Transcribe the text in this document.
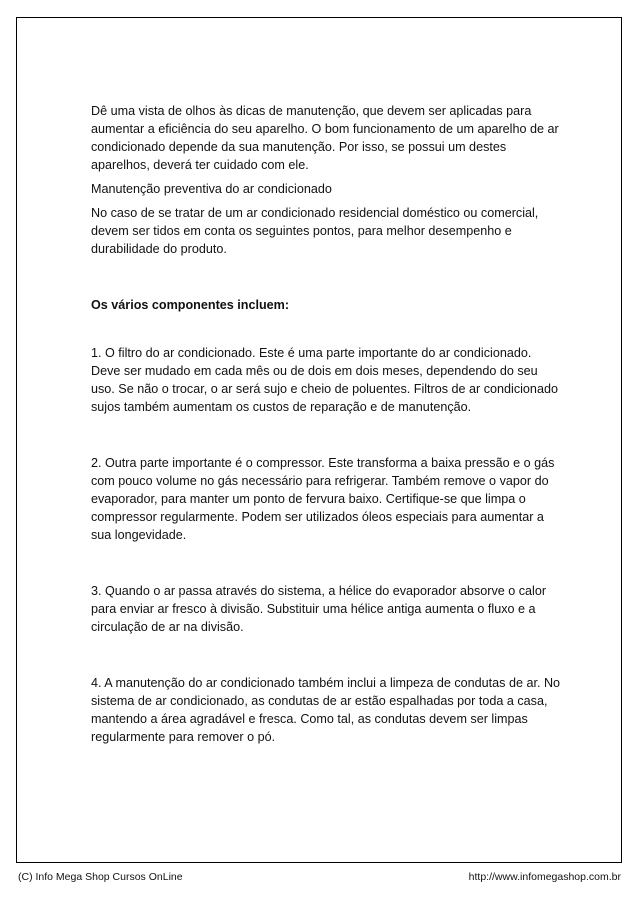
Dê uma vista de olhos às dicas de manutenção, que devem ser aplicadas para aumentar a eficiência do seu aparelho. O bom funcionamento de um aparelho de ar condicionado depende da sua manutenção. Por isso, se possui um destes aparelhos, deverá ter cuidado com ele.

Manutenção preventiva do ar condicionado

No caso de se tratar de um ar condicionado residencial doméstico ou comercial, devem ser tidos em conta os seguintes pontos, para melhor desempenho e durabilidade do produto.

Os vários componentes incluem:

1. O filtro do ar condicionado. Este é uma parte importante do ar condicionado. Deve ser mudado em cada mês ou de dois em dois meses, dependendo do seu uso. Se não o trocar, o ar será sujo e cheio de poluentes. Filtros de ar condicionado sujos também aumentam os custos de reparação e de manutenção.

2. Outra parte importante é o compressor. Este transforma a baixa pressão e o gás com pouco volume no gás necessário para refrigerar. Também remove o vapor do evaporador, para manter um ponto de fervura baixo. Certifique-se que limpa o compressor regularmente. Podem ser utilizados óleos especiais para aumentar a sua longevidade.

3. Quando o ar passa através do sistema, a hélice do evaporador absorve o calor para enviar ar fresco à divisão. Substituir uma hélice antiga aumenta o fluxo e a circulação de ar na divisão.

4. A manutenção do ar condicionado também inclui a limpeza de condutas de ar. No sistema de ar condicionado, as condutas de ar estão espalhadas por toda a casa, mantendo a área agradável e fresca. Como tal, as condutas devem ser limpas regularmente para remover o pó.

(C) Info Mega Shop Cursos OnLine	http://www.infomegashop.com.br
